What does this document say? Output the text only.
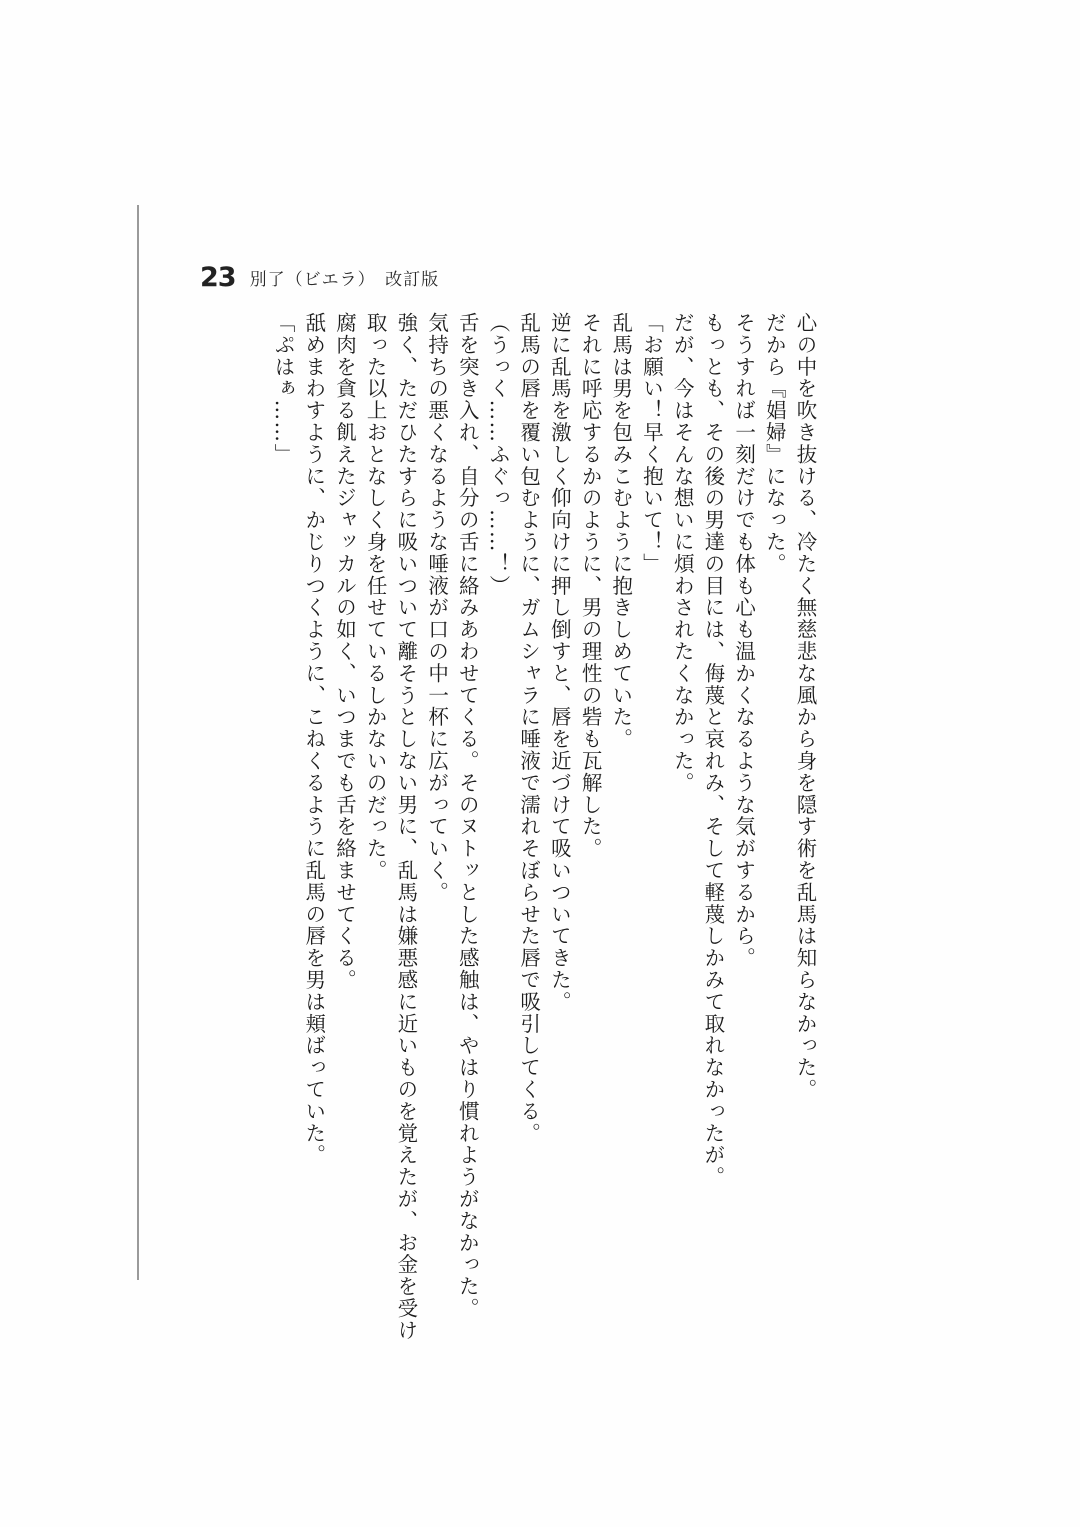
23 別了（ビエラ）　改訂版
心の中を吹き抜ける、冷たく無慈悲な風から身を隠す術を乱馬は知らなかった。
だから『娼婦』になった。
そうすれば一刻だけでも体も心も温かくなるような気がするから。
もっとも、その後の男達の目には、侮蔑と哀れみ、そして軽蔑しかみて取れなかったが。
だが、今はそんな想いに煩わされたくなかった。
「お願い！早く抱いて！」
乱馬は男を包みこむように抱きしめていた。
それに呼応するかのように、男の理性の砦も瓦解した。
逆に乱馬を激しく仰向けに押し倒すと、唇を近づけて吸いついてきた。
乱馬の唇を覆い包むように、ガムシャラに唾液で濡れそぼらせた唇で吸引してくる。
（うっく……ふぐっ……！）
舌を突き入れ、自分の舌に絡みあわせてくる。そのヌトッとした感触は、やはり慣れようがなかった。
気持ちの悪くなるような唾液が口の中一杯に広がっていく。
強く、ただひたすらに吸いついて離そうとしない男に、乱馬は嫌悪感に近いものを覚えたが、お金を受け
取った以上おとなしく身を任せているしかないのだった。
腐肉を貪る飢えたジャッカルの如く、いつまでも舌を絡ませてくる。
舐めまわすように、かじりつくように、こねくるように乱馬の唇を男は頬ばっていた。
「ぷはぁ……」
